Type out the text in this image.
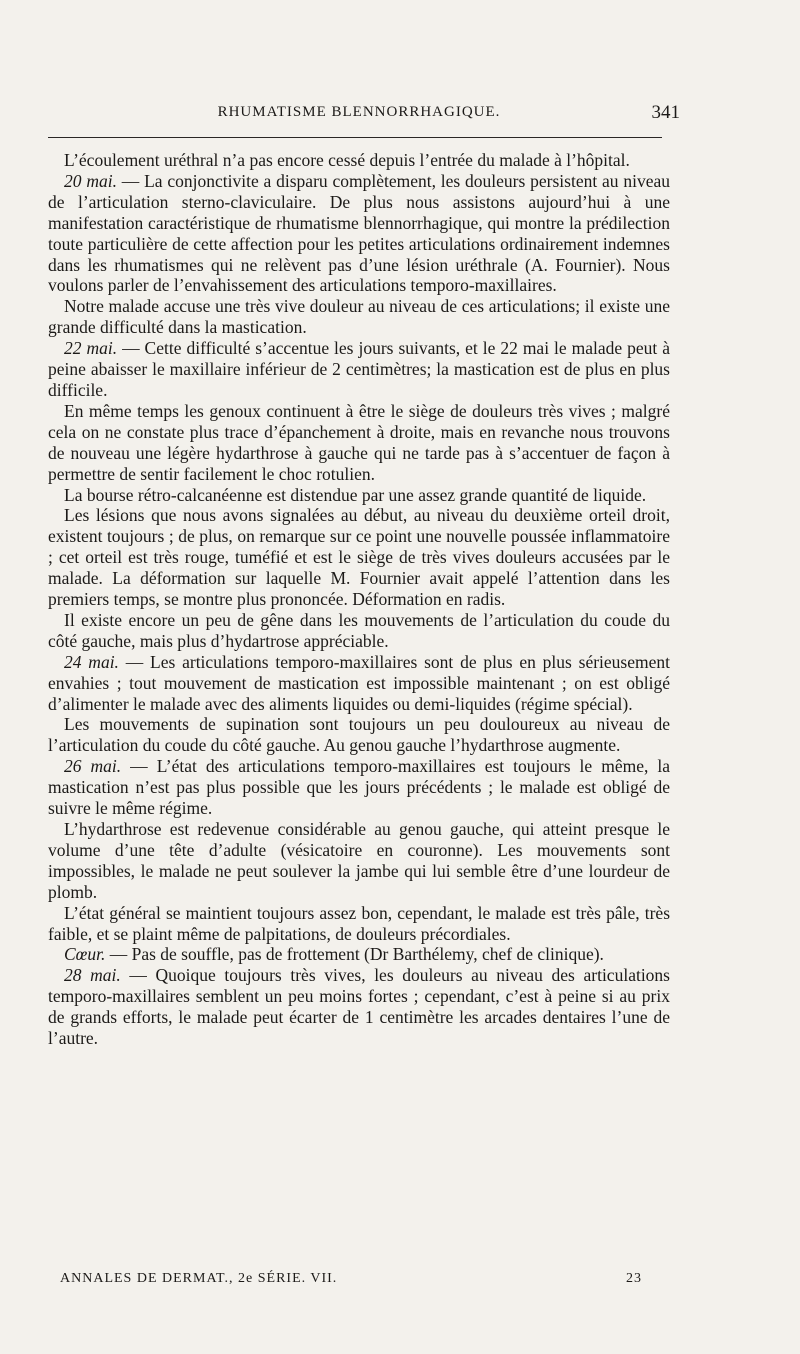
RHUMATISME BLENNORRHAGIQUE.	341

L’écoulement uréthral n’a pas encore cessé depuis l’entrée du malade à l’hôpital.

20 mai. — La conjonctivite a disparu complètement, les douleurs persistent au niveau de l’articulation sterno-claviculaire. De plus nous assistons aujourd’hui à une manifestation caractéristique de rhumatisme blennorrhagique, qui montre la prédilection toute particulière de cette affection pour les petites articulations ordinairement indemnes dans les rhumatismes qui ne relèvent pas d’une lésion uréthrale (A. Fournier). Nous voulons parler de l’envahissement des articulations temporo-maxillaires.

Notre malade accuse une très vive douleur au niveau de ces articulations; il existe une grande difficulté dans la mastication.

22 mai. — Cette difficulté s’accentue les jours suivants, et le 22 mai le malade peut à peine abaisser le maxillaire inférieur de 2 centimètres; la mastication est de plus en plus difficile.

En même temps les genoux continuent à être le siège de douleurs très vives ; malgré cela on ne constate plus trace d’épanchement à droite, mais en revanche nous trouvons de nouveau une légère hydarthrose à gauche qui ne tarde pas à s’accentuer de façon à permettre de sentir facilement le choc rotulien.

La bourse rétro-calcanéenne est distendue par une assez grande quantité de liquide.

Les lésions que nous avons signalées au début, au niveau du deuxième orteil droit, existent toujours ; de plus, on remarque sur ce point une nouvelle poussée inflammatoire ; cet orteil est très rouge, tuméfié et est le siège de très vives douleurs accusées par le malade. La déformation sur laquelle M. Fournier avait appelé l’attention dans les premiers temps, se montre plus prononcée. Déformation en radis.

Il existe encore un peu de gêne dans les mouvements de l’articulation du coude du côté gauche, mais plus d’hydartrose appréciable.

24 mai. — Les articulations temporo-maxillaires sont de plus en plus sérieusement envahies ; tout mouvement de mastication est impossible maintenant ; on est obligé d’alimenter le malade avec des aliments liquides ou demi-liquides (régime spécial).

Les mouvements de supination sont toujours un peu douloureux au niveau de l’articulation du coude du côté gauche. Au genou gauche l’hydarthrose augmente.

26 mai. — L’état des articulations temporo-maxillaires est toujours le même, la mastication n’est pas plus possible que les jours précédents ; le malade est obligé de suivre le même régime.

L’hydarthrose est redevenue considérable au genou gauche, qui atteint presque le volume d’une tête d’adulte (vésicatoire en couronne). Les mouvements sont impossibles, le malade ne peut soulever la jambe qui lui semble être d’une lourdeur de plomb.

L’état général se maintient toujours assez bon, cependant, le malade est très pâle, très faible, et se plaint même de palpitations, de douleurs précordiales.

Cœur. — Pas de souffle, pas de frottement (Dr Barthélemy, chef de clinique).

28 mai. — Quoique toujours très vives, les douleurs au niveau des articulations temporo-maxillaires semblent un peu moins fortes ; cependant, c’est à peine si au prix de grands efforts, le malade peut écarter de 1 centimètre les arcades dentaires l’une de l’autre.

ANNALES DE DERMAT., 2e SÉRIE. VII.	23
